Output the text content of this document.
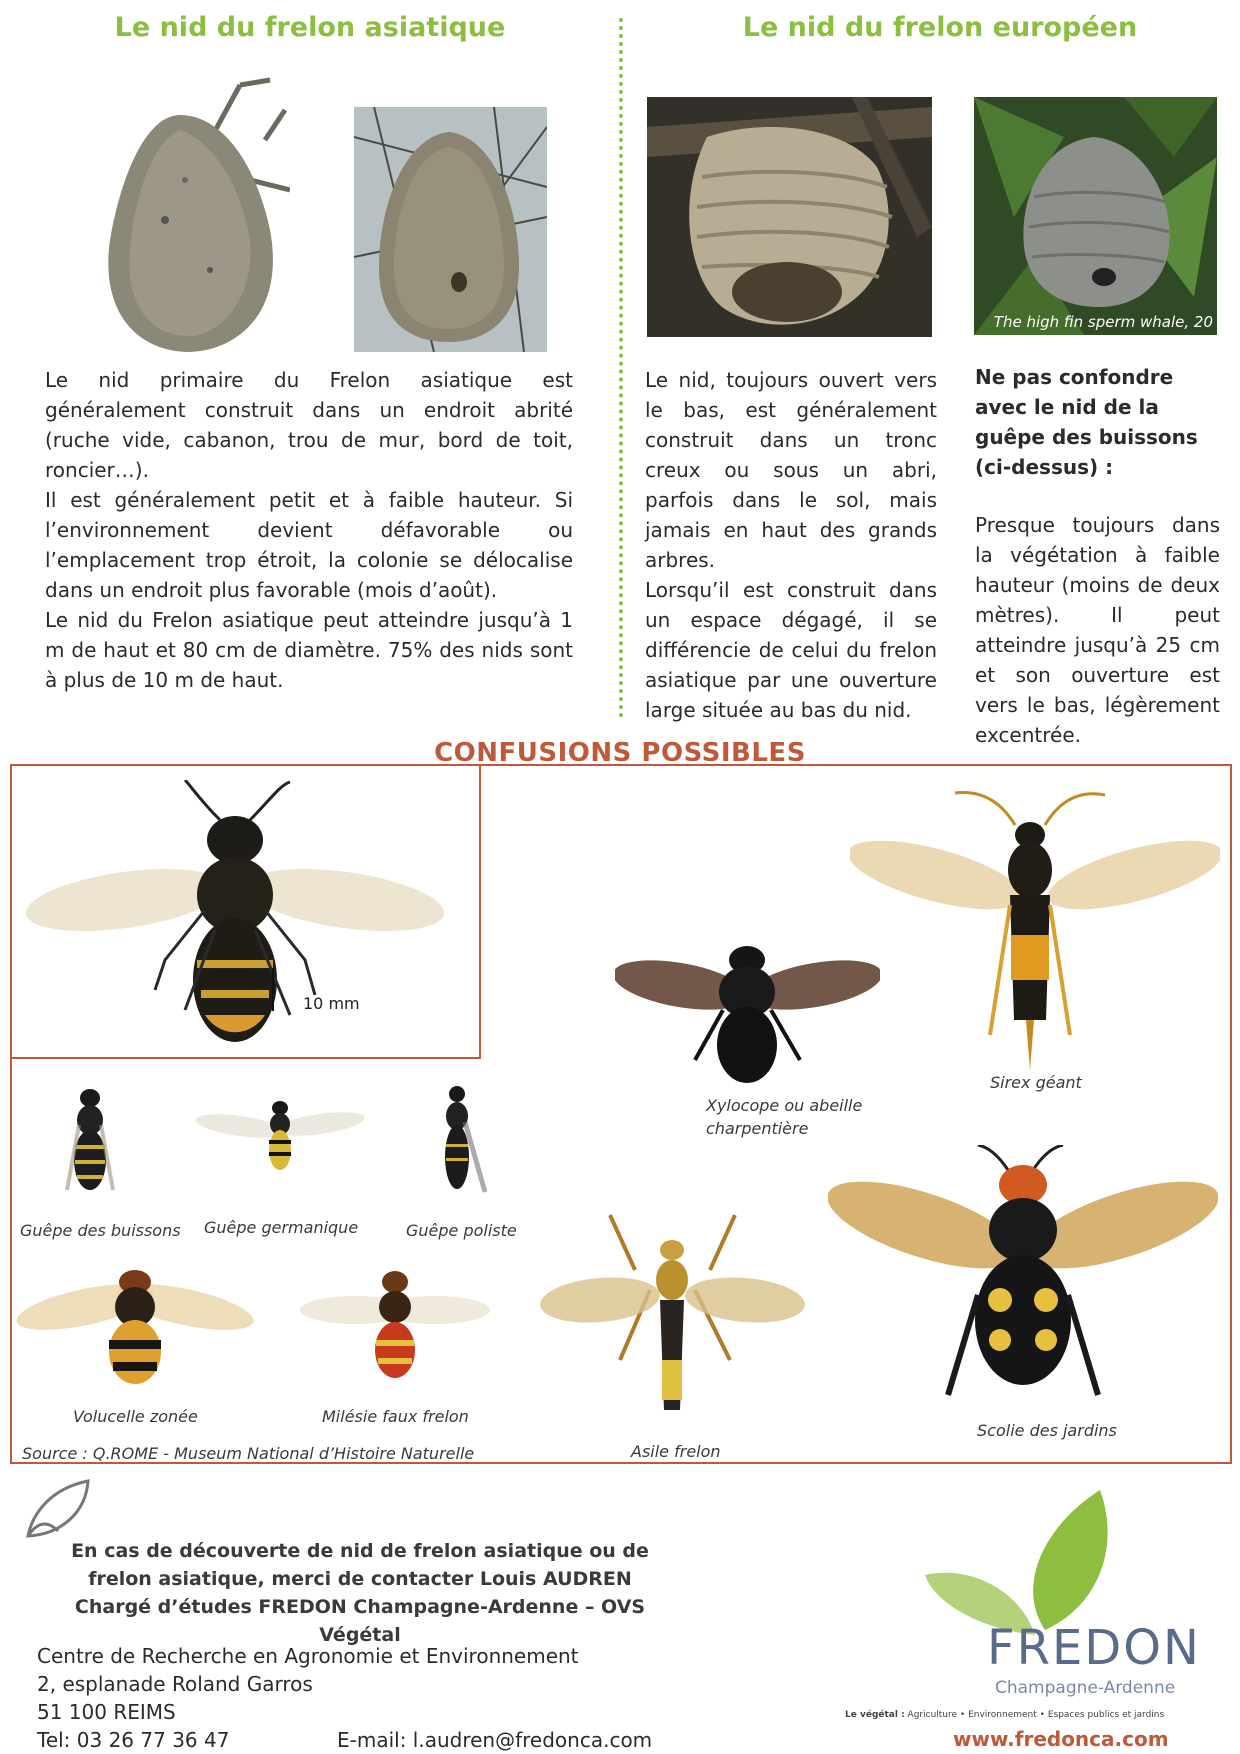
Le nid du frelon asiatique	Le nid du frelon européen
The high fin sperm whale, 20

Le nid primaire du Frelon asiatique est généralement construit dans un endroit abrité (ruche vide, cabanon, trou de mur, bord de toit, roncier…).

Il est généralement petit et à faible hauteur. Si l’environnement devient défavorable ou l’emplacement trop étroit, la colonie se délocalise dans un endroit plus favorable (mois d’août).

Le nid du Frelon asiatique peut atteindre jusqu’à 1 m de haut et 80 cm de diamètre. 75% des nids sont à plus de 10 m de haut.

Le nid, toujours ouvert vers le bas, est généralement construit dans un tronc creux ou sous un abri, parfois dans le sol, mais jamais en haut des grands arbres.

Lorsqu’il est construit dans un espace dégagé, il se différencie de celui du frelon asiatique par une ouverture large située au bas du nid.

Ne pas confondre avec le nid de la guêpe des buissons (ci-dessus) :

Presque toujours dans la végétation à faible hauteur (moins de deux mètres). Il peut atteindre jusqu’à 25 cm et son ouverture est vers le bas, légèrement excentrée.

CONFUSIONS POSSIBLES
10 mm
Guêpe des buissons Guêpe germanique	Guêpe poliste
Volucelle zonée	Milésie faux frelon
Asile frelon
Xylocope ou abeille charpentière
Sirex géant
Scolie des jardins
Source : Q.ROME - Museum National d’Histoire Naturelle
En cas de découverte de nid de frelon asiatique ou de frelon asiatique, merci de contacter Louis AUDREN
Chargé d’études FREDON Champagne-Ardenne – OVS Végétal
Centre de Recherche en Agronomie et Environnement
2, esplanade Roland Garros
51 100 REIMS
Tel: 03 26 77 36 47	E-mail: l.audren@fredonca.com
FREDON
Champagne-Ardenne
Le végétal : Agriculture • Environnement • Espaces publics et jardins
www.fredonca.com
